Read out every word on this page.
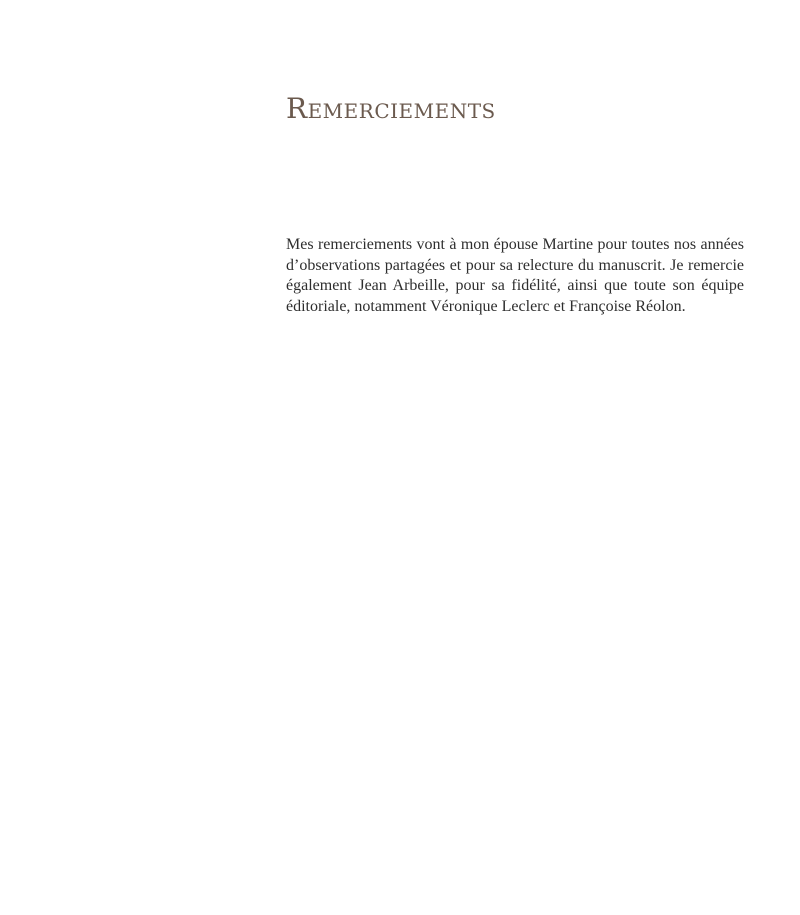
Remerciements

Mes remerciements vont à mon épouse Martine pour toutes nos années d’observations partagées et pour sa relecture du manuscrit. Je remercie également Jean Arbeille, pour sa fidélité, ainsi que toute son équipe éditoriale, notamment Véronique Leclerc et Françoise Réolon.
